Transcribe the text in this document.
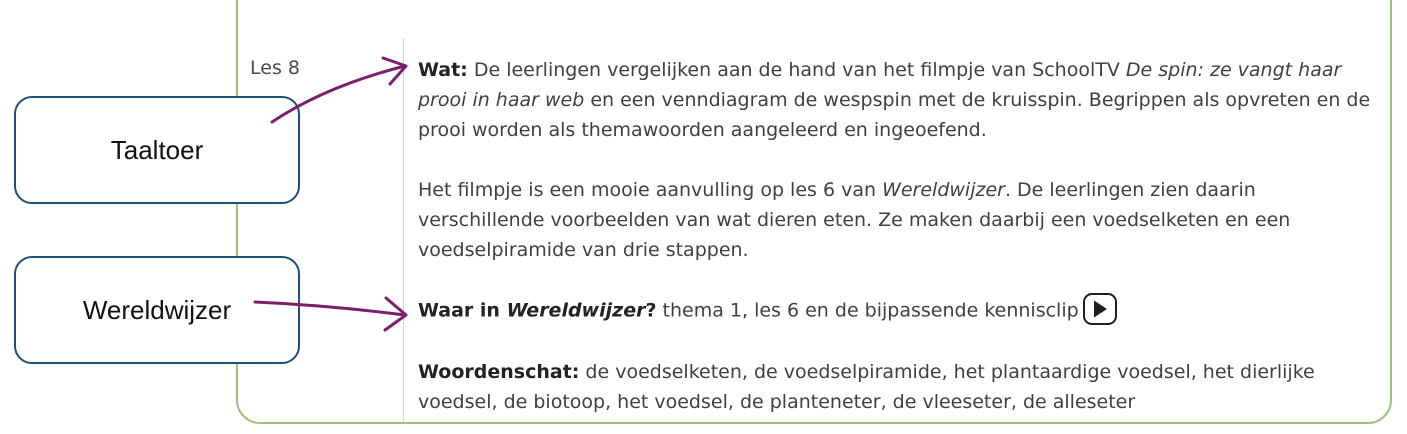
Les 8	Wat: De leerlingen vergelijken aan de hand van het filmpje van SchoolTV De spin: ze vangt haar prooi in haar web en een venndiagram de wespspin met de kruisspin. Begrippen als opvreten en de prooi worden als themawoorden aangeleerd en ingeoefend.

Het filmpje is een mooie aanvulling op les 6 van Wereldwijzer. De leerlingen zien daarin verschillende voorbeelden van wat dieren eten. Ze maken daarbij een voedselketen en een voedselpiramide van drie stappen.

Waar in Wereldwijzer? thema 1, les 6 en de bijpassende kennisclip

Woordenschat: de voedselketen, de voedselpiramide, het plantaardige voedsel, het dierlijke voedsel, de biotoop, het voedsel, de planteneter, de vleeseter, de alleseter

Taaltoer
Wereldwijzer
